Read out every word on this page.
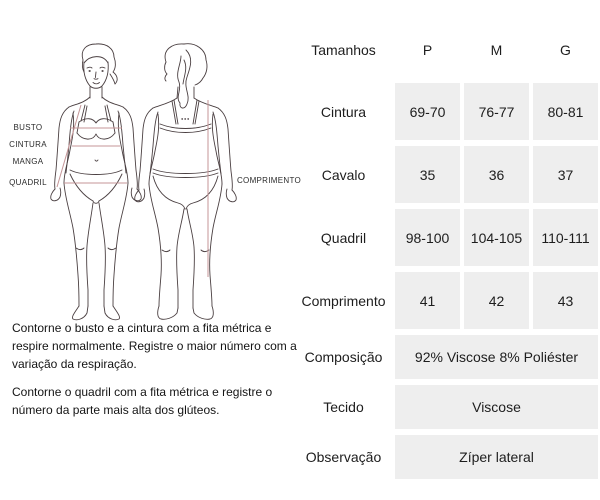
BUSTO
CINTURA
MANGA
QUADRIL	COMPRIMENTO

Contorne o busto e a cintura com a fita métrica e respire normalmente. Registre o maior número com a variação da respiração.

Contorne o quadril com a fita métrica e registre o número da parte mais alta dos glúteos.

Tamanhos	P	M	G
Cintura	69-70	76-77	80-81
Cavalo	35	36	37
Quadril	98-100	104-105	110-111
Comprimento	41	42	43
Composição	92% Viscose 8% Poliéster
Tecido	Viscose
Observação	Zíper lateral
